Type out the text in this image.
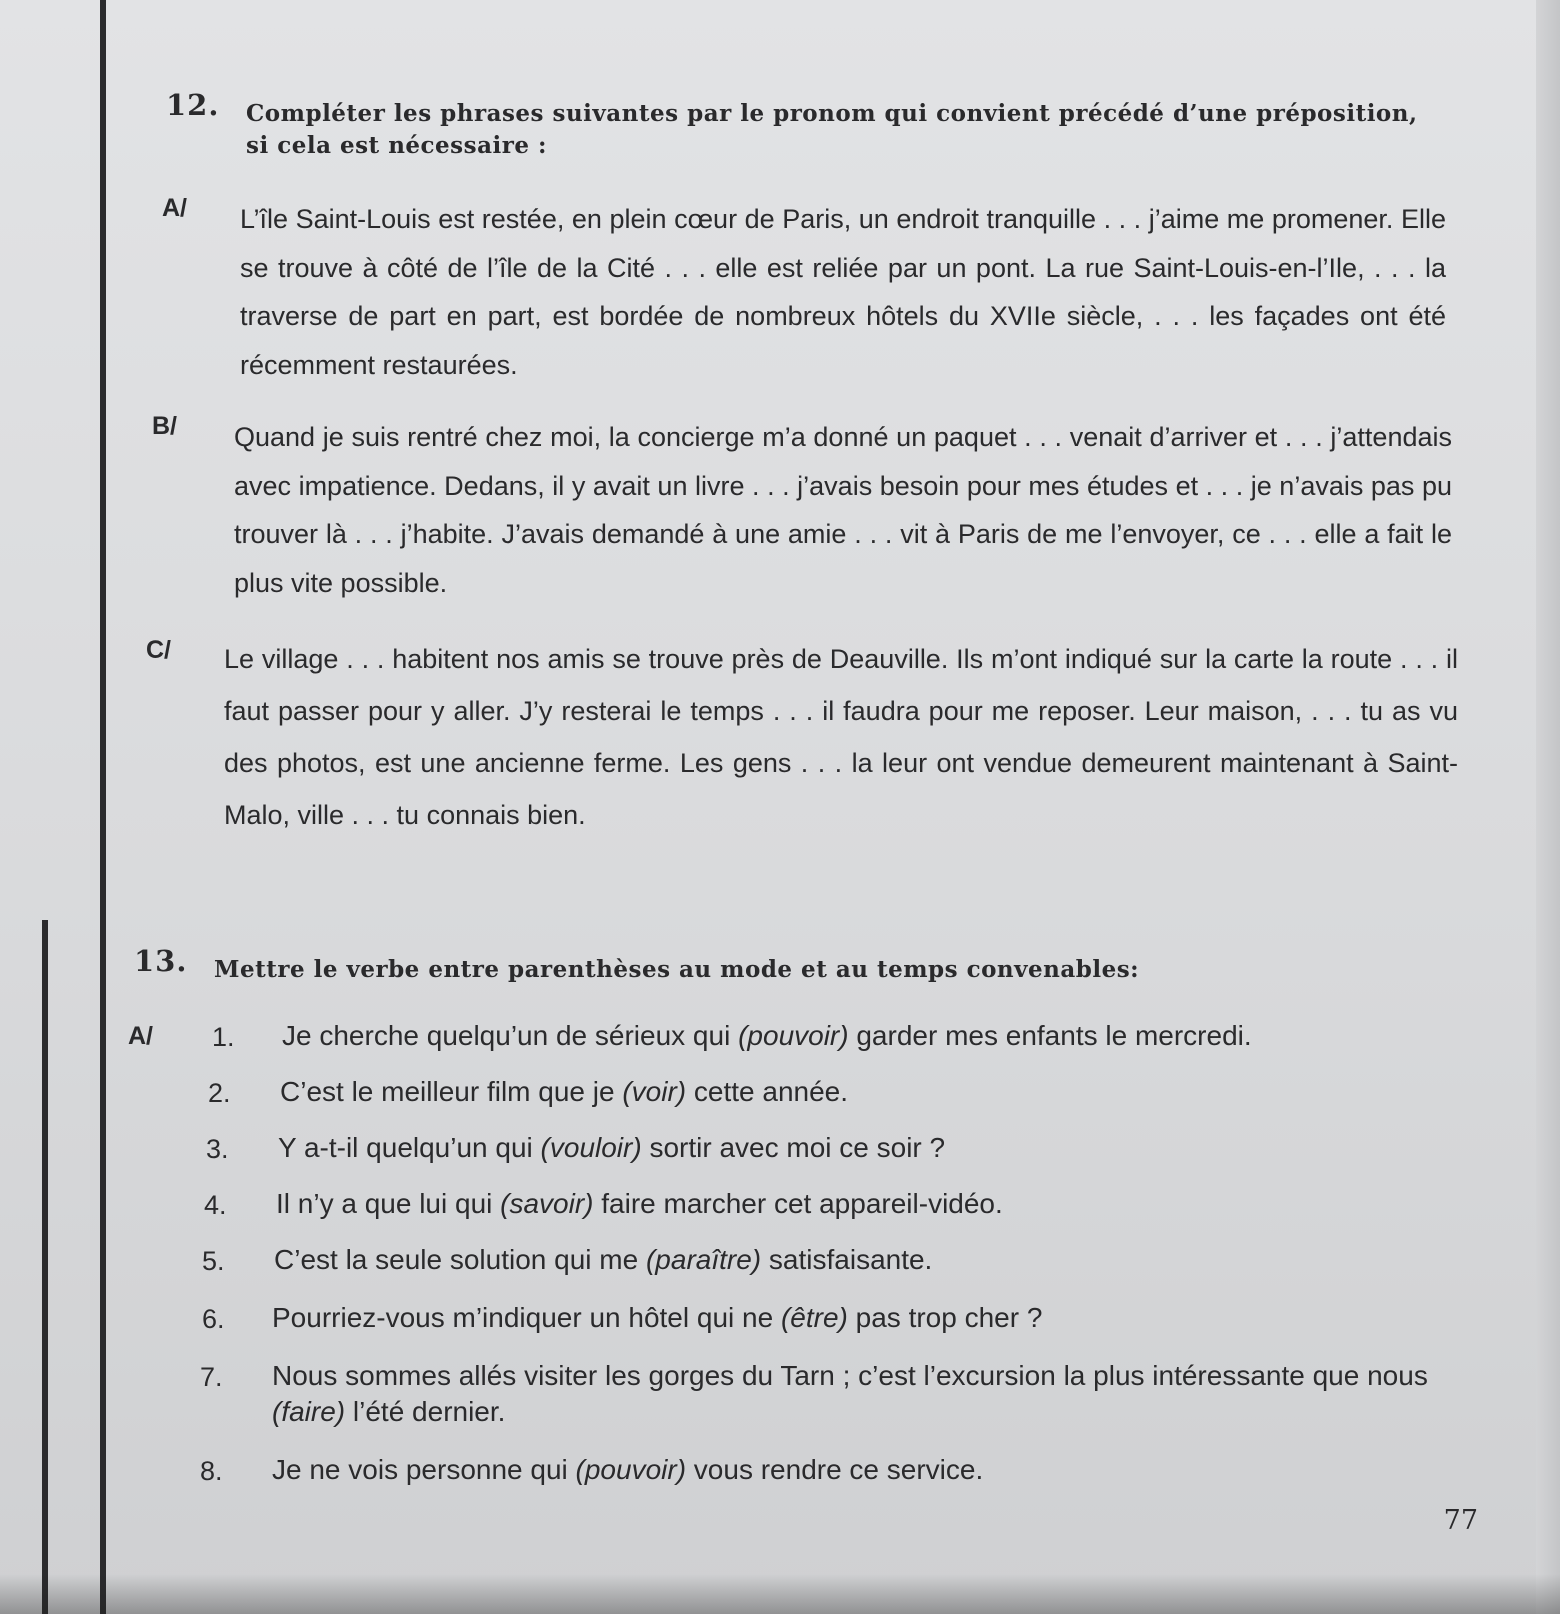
12. Compléter les phrases suivantes par le pronom qui convient précédé d’une préposition, si cela est nécessaire :
A/ L’île Saint-Louis est restée, en plein cœur de Paris, un endroit tranquille . . . j’aime me promener. Elle se trouve à côté de l’île de la Cité . . . elle est reliée par un pont. La rue Saint-Louis-en-l’Ile, . . . la traverse de part en part, est bordée de nombreux hôtels du XVIIe siècle, . . . les façades ont été récemment restaurées.
B/ Quand je suis rentré chez moi, la concierge m’a donné un paquet . . . venait d’arriver et . . . j’attendais avec impatience. Dedans, il y avait un livre . . . j’avais besoin pour mes études et . . . je n’avais pas pu trouver là . . . j’habite. J’avais demandé à une amie . . . vit à Paris de me l’envoyer, ce . . . elle a fait le plus vite possible.
C/ Le village . . . habitent nos amis se trouve près de Deauville. Ils m’ont indiqué sur la carte la route . . . il faut passer pour y aller. J’y resterai le temps . . . il faudra pour me reposer. Leur maison, . . . tu as vu des photos, est une ancienne ferme. Les gens . . . la leur ont vendue demeurent maintenant à Saint-Malo, ville . . . tu connais bien.
13. Mettre le verbe entre parenthèses au mode et au temps convenables:
A/ 1. Je cherche quelqu’un de sérieux qui (pouvoir) garder mes enfants le mercredi.
2. C’est le meilleur film que je (voir) cette année.
3. Y a-t-il quelqu’un qui (vouloir) sortir avec moi ce soir ?
4. Il n’y a que lui qui (savoir) faire marcher cet appareil-vidéo.
5. C’est la seule solution qui me (paraître) satisfaisante.
6. Pourriez-vous m’indiquer un hôtel qui ne (être) pas trop cher ?
7. Nous sommes allés visiter les gorges du Tarn ; c’est l’excursion la plus intéressante que nous (faire) l’été dernier.
8. Je ne vois personne qui (pouvoir) vous rendre ce service.
77
